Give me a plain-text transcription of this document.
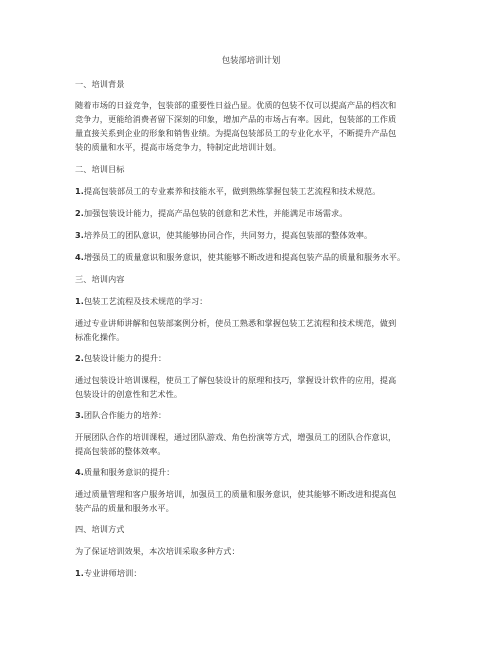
包装部培训计划
一、培训背景
随着市场的日益竞争，包装部的重要性日益凸显。优质的包装不仅可以提高产品的档次和
竞争力，更能给消费者留下深刻的印象，增加产品的市场占有率。因此，包装部的工作质
量直接关系到企业的形象和销售业绩。为提高包装部员工的专业化水平，不断提升产品包
装的质量和水平，提高市场竞争力，特制定此培训计划。
二、培训目标
1.提高包装部员工的专业素养和技能水平，做到熟练掌握包装工艺流程和技术规范。
2.加强包装设计能力，提高产品包装的创意和艺术性，并能满足市场需求。
3.培养员工的团队意识，使其能够协同合作，共同努力，提高包装部的整体效率。
4.增强员工的质量意识和服务意识，使其能够不断改进和提高包装产品的质量和服务水平。
三、培训内容
1.包装工艺流程及技术规范的学习：
通过专业讲师讲解和包装部案例分析，使员工熟悉和掌握包装工艺流程和技术规范，做到
标准化操作。
2.包装设计能力的提升：
通过包装设计培训课程，使员工了解包装设计的原理和技巧，掌握设计软件的应用，提高
包装设计的创意性和艺术性。
3.团队合作能力的培养：
开展团队合作的培训课程，通过团队游戏、角色扮演等方式，增强员工的团队合作意识，
提高包装部的整体效率。
4.质量和服务意识的提升：
通过质量管理和客户服务培训，加强员工的质量和服务意识，使其能够不断改进和提高包
装产品的质量和服务水平。
四、培训方式
为了保证培训效果，本次培训采取多种方式：
1.专业讲师培训：
